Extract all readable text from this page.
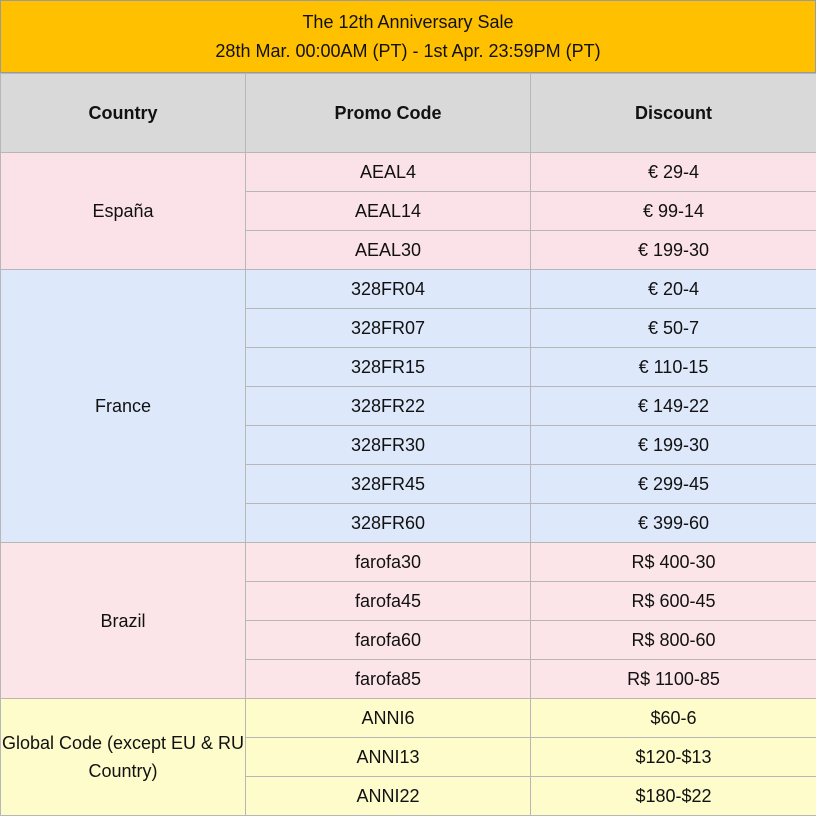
The 12th Anniversary Sale
28th Mar. 00:00AM (PT) - 1st Apr. 23:59PM (PT)
Country	Promo Code	Discount
España	AEAL4	€ 29-4
	AEAL14	€ 99-14
	AEAL30	€ 199-30
France	328FR04	€ 20-4
	328FR07	€ 50-7
	328FR15	€ 110-15
	328FR22	€ 149-22
	328FR30	€ 199-30
	328FR45	€ 299-45
	328FR60	€ 399-60
Brazil	farofa30	R$ 400-30
	farofa45	R$ 600-45
	farofa60	R$ 800-60
	farofa85	R$ 1100-85
Global Code (except EU & RU Country)	ANNI6	$60-6
	ANNI13	$120-$13
	ANNI22	$180-$22
